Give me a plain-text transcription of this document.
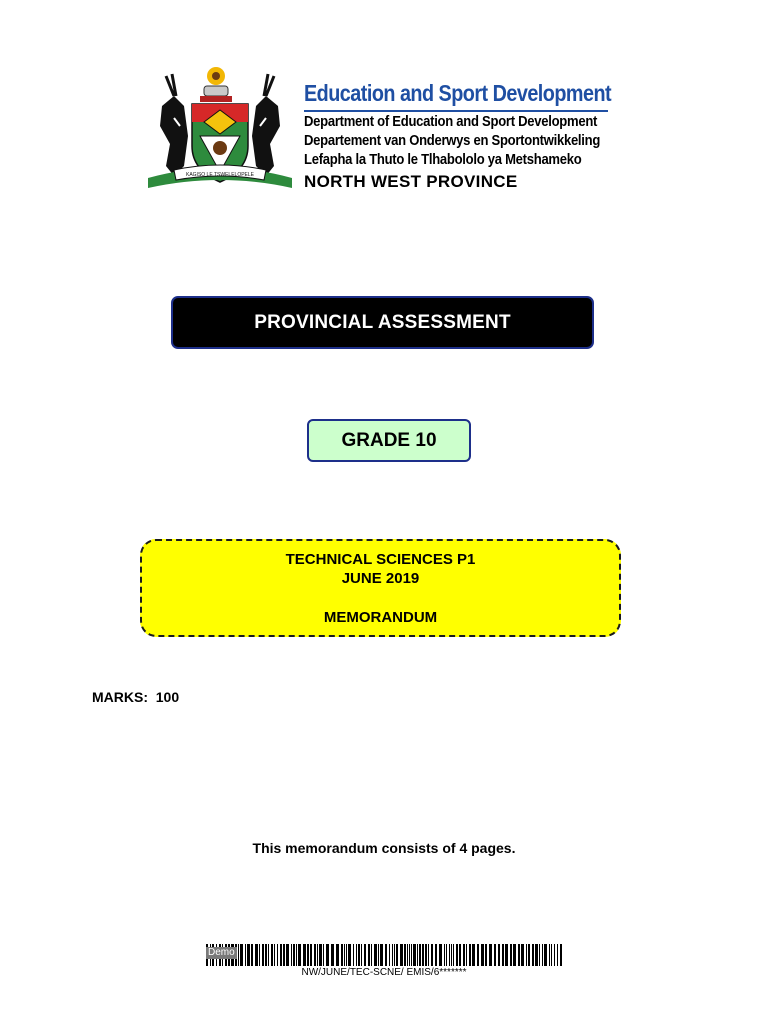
KAGISO LE TSWELELOPELE
Education and Sport Development
Department of Education and Sport Development
Departement van Onderwys en Sportontwikkeling
Lefapha la Thuto le Tlhabololo ya Metshameko
NORTH WEST PROVINCE
PROVINCIAL ASSESSMENT
GRADE 10
TECHNICAL SCIENCES P1
JUNE 2019
MEMORANDUM
MARKS:  100
This memorandum consists of 4 pages.
Demo
NW/JUNE/TEC-SCNE/ EMIS/6*******
